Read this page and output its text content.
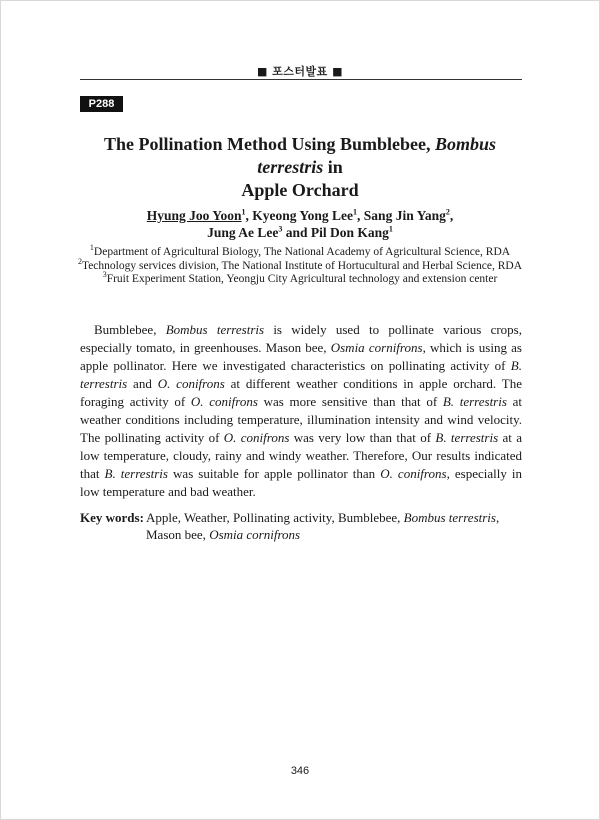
■ 포스터발표 ■
P288
The Pollination Method Using Bumblebee, Bombus terrestris in
Apple Orchard
Hyung Joo Yoon$^1$, Kyeong Yong Lee$^1$, Sang Jin Yang$^2$,
Jung Ae Lee$^3$ and Pil Don Kang$^1$
$^1$Department of Agricultural Biology, The National Academy of Agricultural Science, RDA
$^2$Technology services division, The National Institute of Hortucultural and Herbal Science, RDA
$^3$Fruit Experiment Station, Yeongju City Agricultural technology and extension center
Bumblebee, Bombus terrestris is widely used to pollinate various crops, especially tomato, in greenhouses. Mason bee, Osmia cornifrons, which is using as apple pollinator. Here we investigated characteristics on pollinating activity of B. terrestris and O. conifrons at different weather conditions in apple orchard. The foraging activity of O. conifrons was more sensitive than that of B. terrestris at weather conditions including temperature, illumination intensity and wind velocity. The pollinating activity of O. conifrons was very low than that of B. terrestris at a low temperature, cloudy, rainy and windy weather. Therefore, Our results indicated that B. terrestris was suitable for apple pollinator than O. conifrons, especially in low temperature and bad weather.
Key words: Apple, Weather, Pollinating activity, Bumblebee, Bombus terrestris,
Mason bee, Osmia cornifrons
346
